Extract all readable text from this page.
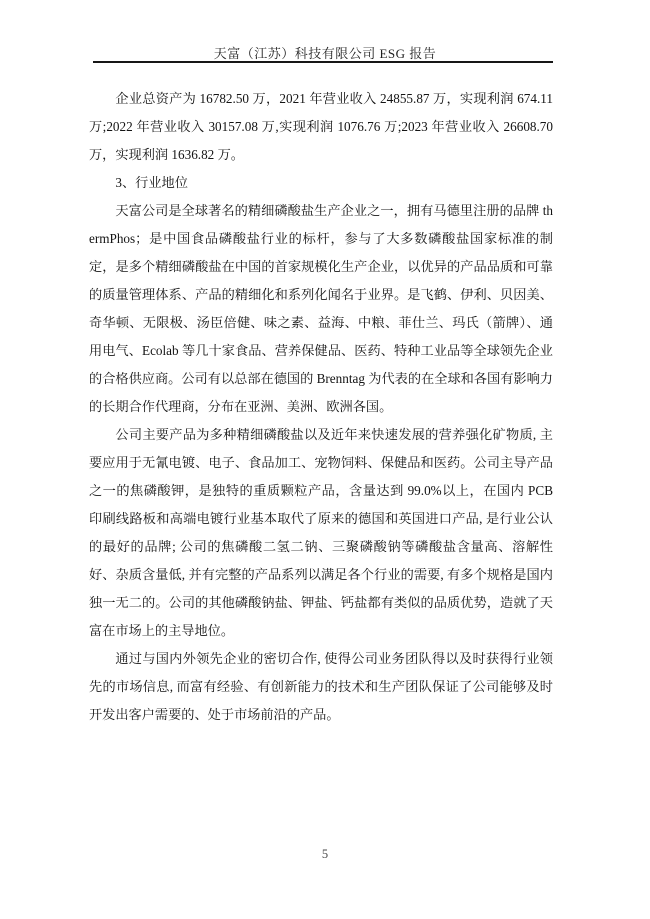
天富（江苏）科技有限公司 ESG 报告

企业总资产为 16782.50 万，2021 年营业收入 24855.87 万，实现利润 674.11 万;2022 年营业收入 30157.08 万,实现利润 1076.76 万;2023 年营业收入 26608.70 万，实现利润 1636.82 万。

3、行业地位

天富公司是全球著名的精细磷酸盐生产企业之一，拥有马德里注册的品牌 thermPhos；是中国食品磷酸盐行业的标杆，参与了大多数磷酸盐国家标准的制定，是多个精细磷酸盐在中国的首家规模化生产企业，以优异的产品品质和可靠的质量管理体系、产品的精细化和系列化闻名于业界。是飞鹤、伊利、贝因美、奇华顿、无限极、汤臣倍健、味之素、益海、中粮、菲仕兰、玛氏（箭牌）、通用电气、Ecolab 等几十家食品、营养保健品、医药、特种工业品等全球领先企业的合格供应商。公司有以总部在德国的 Brenntag 为代表的在全球和各国有影响力的长期合作代理商，分布在亚洲、美洲、欧洲各国。

公司主要产品为多种精细磷酸盐以及近年来快速发展的营养强化矿物质, 主要应用于无氰电镀、电子、食品加工、宠物饲料、保健品和医药。公司主导产品之一的焦磷酸钾，是独特的重质颗粒产品，含量达到 99.0%以上，在国内 PCB 印刷线路板和高端电镀行业基本取代了原来的德国和英国进口产品, 是行业公认的最好的品牌; 公司的焦磷酸二氢二钠、三聚磷酸钠等磷酸盐含量高、溶解性好、杂质含量低, 并有完整的产品系列以满足各个行业的需要, 有多个规格是国内独一无二的。公司的其他磷酸钠盐、钾盐、钙盐都有类似的品质优势，造就了天富在市场上的主导地位。

通过与国内外领先企业的密切合作, 使得公司业务团队得以及时获得行业领先的市场信息, 而富有经验、有创新能力的技术和生产团队保证了公司能够及时开发出客户需要的、处于市场前沿的产品。

5
